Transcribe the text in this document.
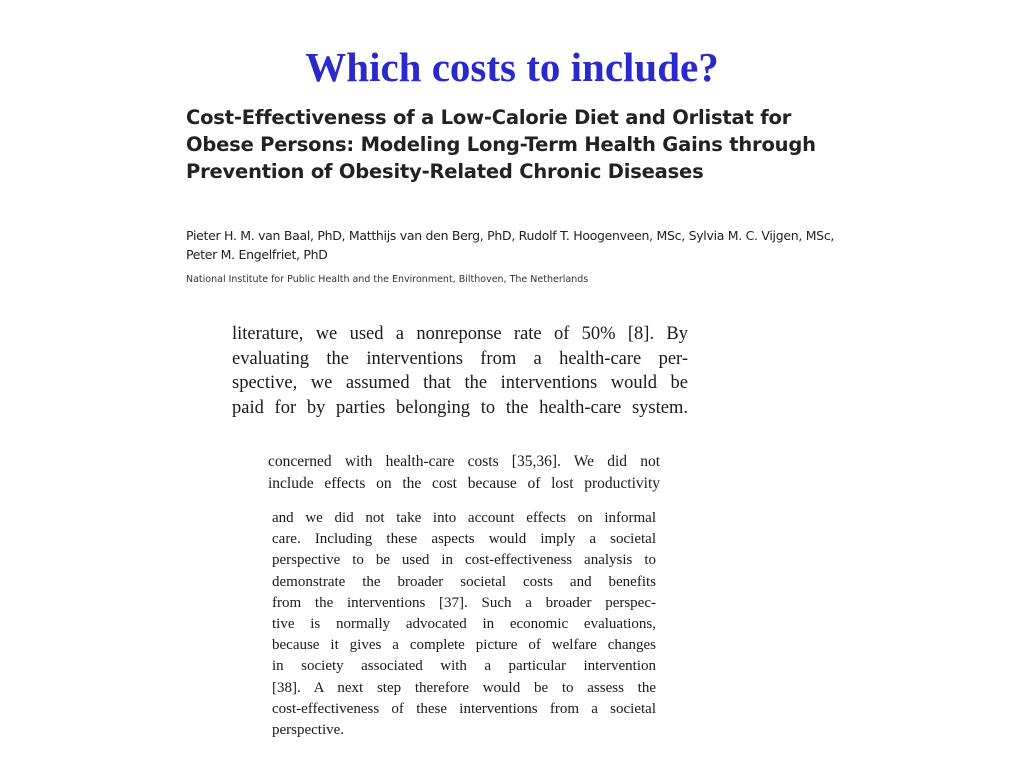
Which costs to include?
Cost-Effectiveness of a Low-Calorie Diet and Orlistat for
Obese Persons: Modeling Long-Term Health Gains through
Prevention of Obesity-Related Chronic Diseases
Pieter H. M. van Baal, PhD, Matthijs van den Berg, PhD, Rudolf T. Hoogenveen, MSc, Sylvia M. C. Vijgen, MSc,
Peter M. Engelfriet, PhD
National Institute for Public Health and the Environment, Bilthoven, The Netherlands
literature, we used a nonreponse rate of 50% [8]. By
evaluating the interventions from a health-care per-
spective, we assumed that the interventions would be
paid for by parties belonging to the health-care system.
concerned with health-care costs [35,36]. We did not
include effects on the cost because of lost productivity
and we did not take into account effects on informal
care. Including these aspects would imply a societal
perspective to be used in cost-effectiveness analysis to
demonstrate the broader societal costs and benefits
from the interventions [37]. Such a broader perspec-
tive is normally advocated in economic evaluations,
because it gives a complete picture of welfare changes
in society associated with a particular intervention
[38]. A next step therefore would be to assess the
cost-effectiveness of these interventions from a societal
perspective.
